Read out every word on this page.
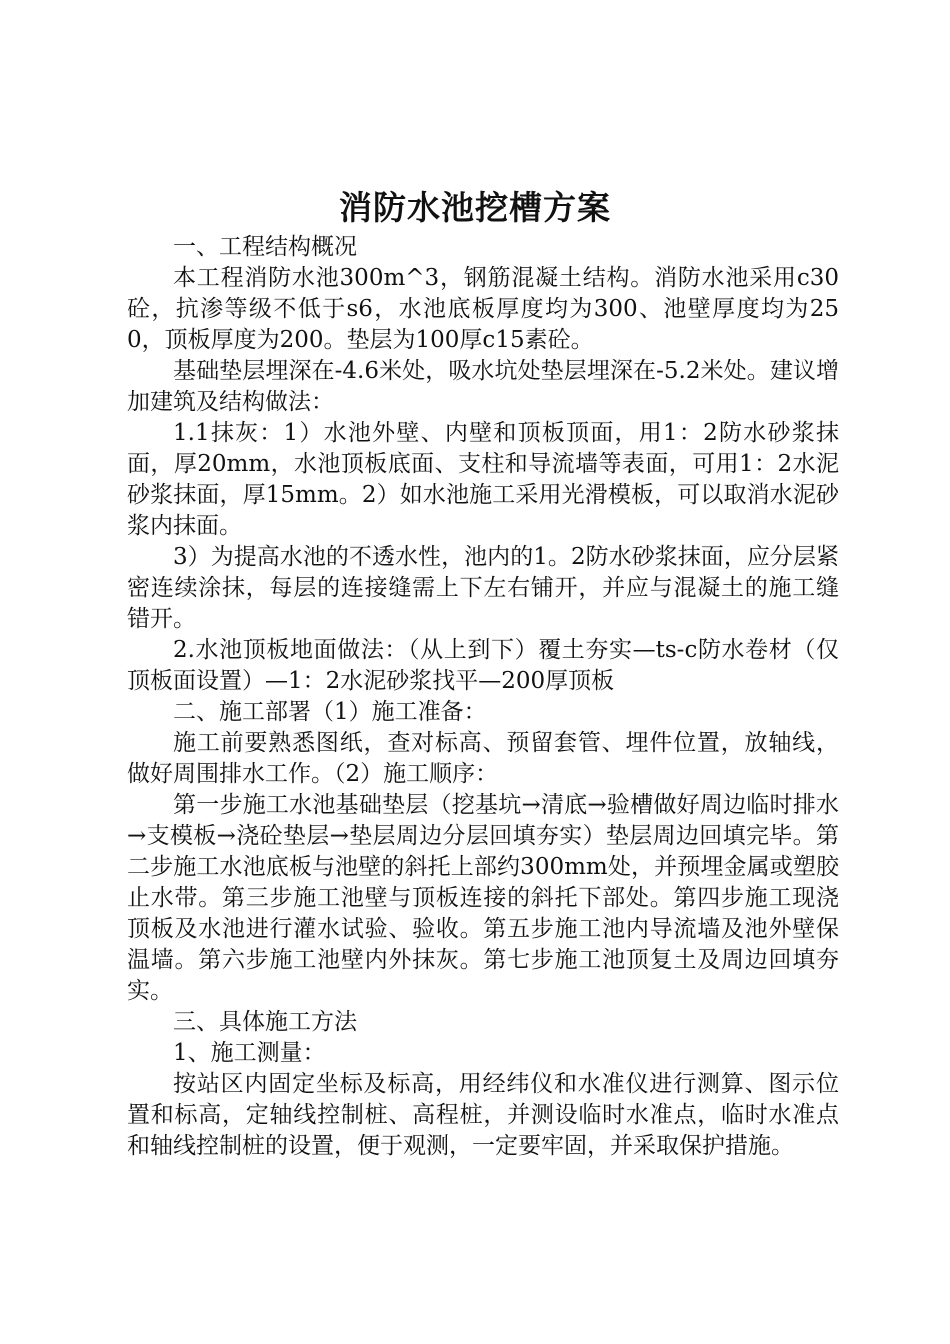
消防水池挖槽方案

一、工程结构概况

本工程消防水池300m^3，钢筋混凝土结构。消防水池采用c30砼，抗渗等级不低于s6，水池底板厚度均为300、池壁厚度均为250，顶板厚度为200。垫层为100厚c15素砼。

基础垫层埋深在-4.6米处，吸水坑处垫层埋深在-5.2米处。建议增加建筑及结构做法：

1.1抹灰：1）水池外壁、内壁和顶板顶面，用1：2防水砂浆抹面，厚20mm，水池顶板底面、支柱和导流墙等表面，可用1：2水泥砂浆抹面，厚15mm。2）如水池施工采用光滑模板，可以取消水泥砂浆内抹面。

3）为提高水池的不透水性，池内的1。2防水砂浆抹面，应分层紧密连续涂抹，每层的连接缝需上下左右铺开，并应与混凝土的施工缝错开。

2.水池顶板地面做法：（从上到下）覆土夯实—ts-c防水卷材（仅顶板面设置）—1：2水泥砂浆找平—200厚顶板

二、施工部署（1）施工准备：

施工前要熟悉图纸，查对标高、预留套管、埋件位置，放轴线，做好周围排水工作。（2）施工顺序：

第一步施工水池基础垫层（挖基坑→清底→验槽做好周边临时排水→支模板→浇砼垫层→垫层周边分层回填夯实）垫层周边回填完毕。第二步施工水池底板与池壁的斜托上部约300mm处，并预埋金属或塑胶止水带。第三步施工池壁与顶板连接的斜托下部处。第四步施工现浇顶板及水池进行灌水试验、验收。第五步施工池内导流墙及池外壁保温墙。第六步施工池壁内外抹灰。第七步施工池顶复土及周边回填夯实。

三、具体施工方法

1、施工测量：

按站区内固定坐标及标高，用经纬仪和水准仪进行测算、图示位置和标高，定轴线控制桩、高程桩，并测设临时水准点，临时水准点和轴线控制桩的设置，便于观测，一定要牢固，并采取保护措施。
